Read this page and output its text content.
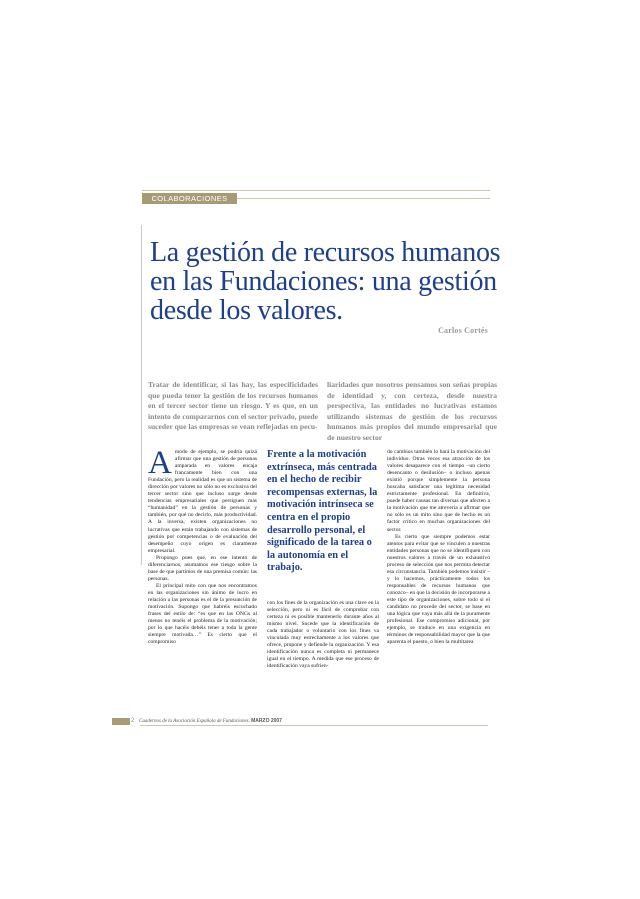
COLABORACIONES
La gestión de recursos humanos en las Fundaciones: una gestión desde los valores.
Carlos Cortés

Tratar de identificar, si las hay, las especificidades que pueda tener la gestión de los recursos humanos en el tercer sector tiene un riesgo. Y es que, en un intento de compararnos con el sector privado, puede suceder que las empresas se vean reflejadas en pecu-

liaridades que nosotros pensamos son señas propias de identidad y, con certeza, desde nuestra perspectiva, las entidades no lucrativas estamos utilizando sistemas de gestión de los recursos humanos más propios del mundo empresarial que de nuestro sector

Amodo de ejemplo, se podría quizá afirmar que una gestión de personas amparada en valores encaja francamente bien con una Fundación, pero la realidad es que un sistema de dirección por valores no sólo no es exclusiva del tercer sector sino que incluso surge desde tendencias empresariales que persiguen más “humanidad” en la gestión de personas y también, por qué no decirlo, más productividad. A la inversa, existen organizaciones no lucrativas que están trabajando con sistemas de gestión por competencias o de evaluación del desempeño cuyo origen es claramente empresarial.

Propongo pues que, en ese intento de diferenciarnos, asumamos ese riesgo sobre la base de que partimos de una premisa común: las personas.

El principal mito con que nos encontramos en las organizaciones sin ánimo de lucro en relación a las personas es el de la presunción de motivación. Supongo que habréis escuchado frases del estilo de: “es que en las ONGs al menos no tenéis el problema de la motivación; por lo que hacéis debéis tener a toda la gente siempre motivada…” Es cierto que el compromiso

Frente a la motivación extrínseca, más centrada en el hecho de recibir recompensas externas, la motivación intrínseca se centra en el propio desarrollo personal, el significado de la tarea o la autonomía en el trabajo.

con los fines de la organización es una clave en la selección, pero ni es fácil de comprobar con certeza ni es posible mantenerlo durante años al mismo nivel. Sucede que la identificación de cada trabajador o voluntario con los fines va vinculada muy estrechamente a los valores que ofrece, propone y defiende la organización. Y esa identificación nunca es completa ni permanece igual en el tiempo. A medida que ese proceso de identificación vaya sufrien-

do cambios también lo hará la motivación del individuo. Otras veces esa atracción de los valores desaparece con el tiempo –un cierto desencanto o desilusión– o incluso apenas existió porque simplemente la persona buscaba satisfacer una legítima necesidad estrictamente profesional. En definitiva, puede haber causas tan diversas que afecten a la motivación que me atrevería a afirmar que no sólo es un mito sino que de hecho es un factor crítico en muchas organizaciones del sector.

Es cierto que siempre podemos estar atentos para evitar que se vinculen a nuestras entidades personas que no se identifiquen con nuestros valores a través de un exhaustivo proceso de selección que nos permita detectar esa circunstancia. También podemos insistir –y lo hacemos, prácticamente todos los responsables de recursos humanos que conozco– en que la decisión de incorporarse a este tipo de organizaciones, sobre todo si el candidato no procede del sector, se base en una lógica que vaya más allá de la puramente profesional. Ese compromiso adicional, por ejemplo, se traduce en una exigencia en términos de responsabilidad mayor que la que aparenta el puesto, o bien la multitarea

2 Cuadernos de la Asociación Española de Fundaciones. MARZO 2007
